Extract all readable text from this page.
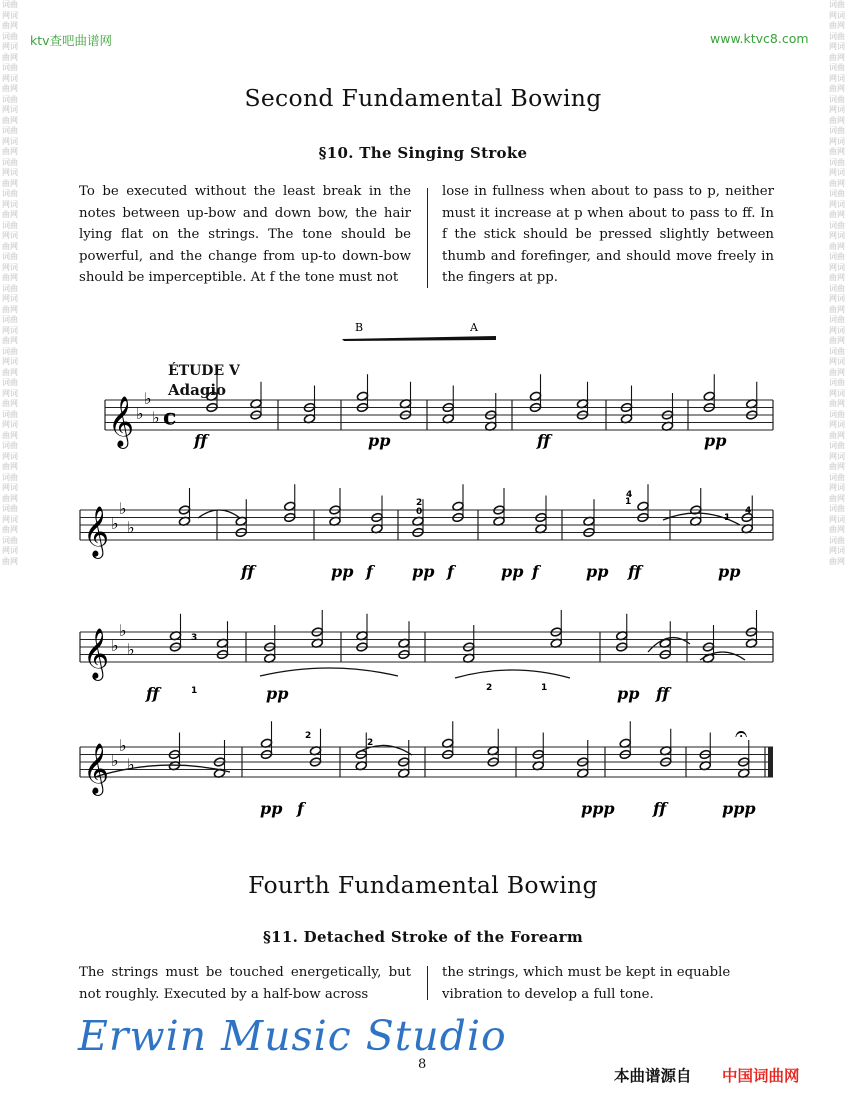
词曲网词曲网词曲网词曲网词曲网词曲网词曲网词曲网词曲网词曲网词曲网词曲网词曲网词曲网词曲网词曲网词曲网词曲网词曲网词曲网词曲网词曲网词曲网词曲网词曲网词曲网词曲网词曲网词曲网词曲网词曲网词曲网词曲网词曲网词曲网词曲网
词曲网词曲网词曲网词曲网词曲网词曲网词曲网词曲网词曲网词曲网词曲网词曲网词曲网词曲网词曲网词曲网词曲网词曲网词曲网词曲网词曲网词曲网词曲网词曲网词曲网词曲网词曲网词曲网词曲网词曲网词曲网词曲网词曲网词曲网词曲网词曲网
ktv查吧曲谱网	www.ktvc8.com
Second Fundamental Bowing
§10. The Singing Stroke
To be executed without the least break in the notes between up-bow and down bow, the hair lying flat on the strings. The tone should be powerful, and the change from up-to down-bow should be imperceptible. At f the tone must not
lose in fullness when about to pass to p, neither must it increase at p when about to pass to ff. In f the stick should be pressed slightly between thumb and forefinger, and should move freely in the fingers at pp.
B	A
𝄞 ♭
♭
♭ c
𝄞 ♭
♭
♭
𝄞 ♭
♭
♭
𝄞 ♭
♭
♭
𝄐
ff	pp	ff	pp
ff	pp f pp f	pp f	pp ff	pp
ff	pp	pp ff
pp f	ppp ff	ppp
2
0
4
1
1
4
3
1	2	1
2
2
ÉTUDE V
Adagio
Fourth Fundamental Bowing
§11. Detached Stroke of the Forearm
The strings must be touched energetically, but not roughly. Executed by a half-bow across
the strings, which must be kept in equable vibration to develop a full tone.
Erwin Music Studio
8
本曲谱源自 中国词曲网
